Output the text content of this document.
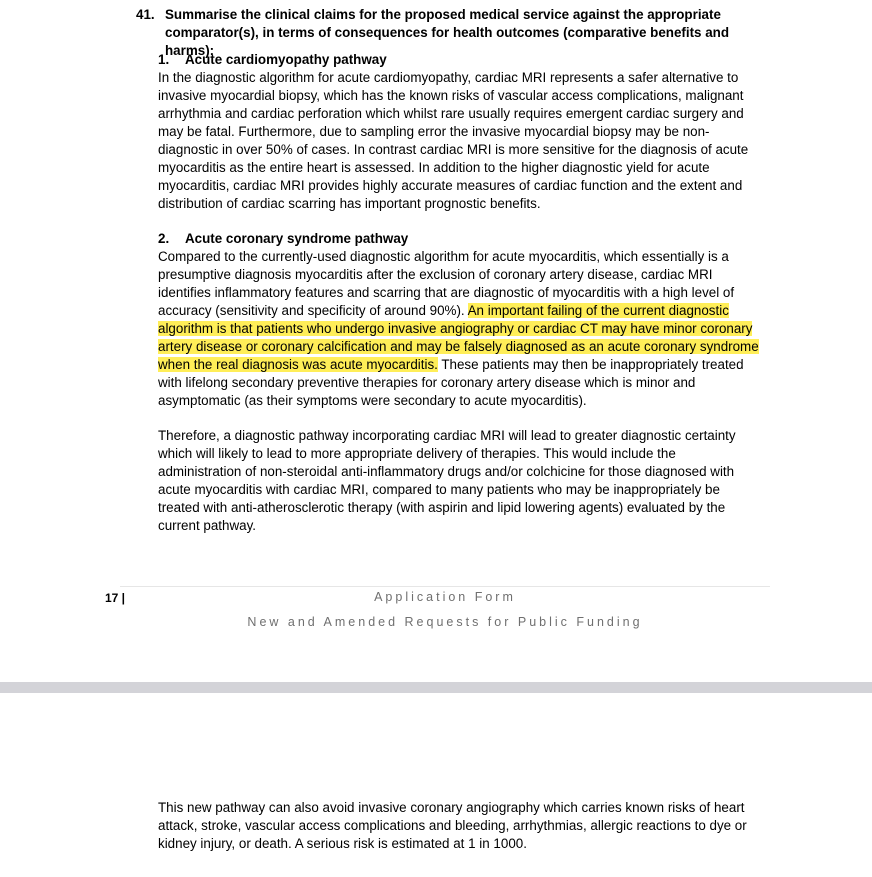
41. Summarise the clinical claims for the proposed medical service against the appropriate comparator(s), in terms of consequences for health outcomes (comparative benefits and harms):

1. Acute cardiomyopathy pathway

In the diagnostic algorithm for acute cardiomyopathy, cardiac MRI represents a safer alternative to invasive myocardial biopsy, which has the known risks of vascular access complications, malignant arrhythmia and cardiac perforation which whilst rare usually requires emergent cardiac surgery and may be fatal. Furthermore, due to sampling error the invasive myocardial biopsy may be non-diagnostic in over 50% of cases. In contrast cardiac MRI is more sensitive for the diagnosis of acute myocarditis as the entire heart is assessed. In addition to the higher diagnostic yield for acute myocarditis, cardiac MRI provides highly accurate measures of cardiac function and the extent and distribution of cardiac scarring has important prognostic benefits.

2. Acute coronary syndrome pathway

Compared to the currently-used diagnostic algorithm for acute myocarditis, which essentially is a presumptive diagnosis myocarditis after the exclusion of coronary artery disease, cardiac MRI identifies inflammatory features and scarring that are diagnostic of myocarditis with a high level of accuracy (sensitivity and specificity of around 90%). An important failing of the current diagnostic algorithm is that patients who undergo invasive angiography or cardiac CT may have minor coronary artery disease or coronary calcification and may be falsely diagnosed as an acute coronary syndrome when the real diagnosis was acute myocarditis. These patients may then be inappropriately treated with lifelong secondary preventive therapies for coronary artery disease which is minor and asymptomatic (as their symptoms were secondary to acute myocarditis).

Therefore, a diagnostic pathway incorporating cardiac MRI will lead to greater diagnostic certainty which will likely to lead to more appropriate delivery of therapies. This would include the administration of non-steroidal anti-inflammatory drugs and/or colchicine for those diagnosed with acute myocarditis with cardiac MRI, compared to many patients who may be inappropriately be treated with anti-atherosclerotic therapy (with aspirin and lipid lowering agents) evaluated by the current pathway.

17 |	Application Form
New and Amended Requests for Public Funding

This new pathway can also avoid invasive coronary angiography which carries known risks of heart attack, stroke, vascular access complications and bleeding, arrhythmias, allergic reactions to dye or kidney injury, or death. A serious risk is estimated at 1 in 1000.
